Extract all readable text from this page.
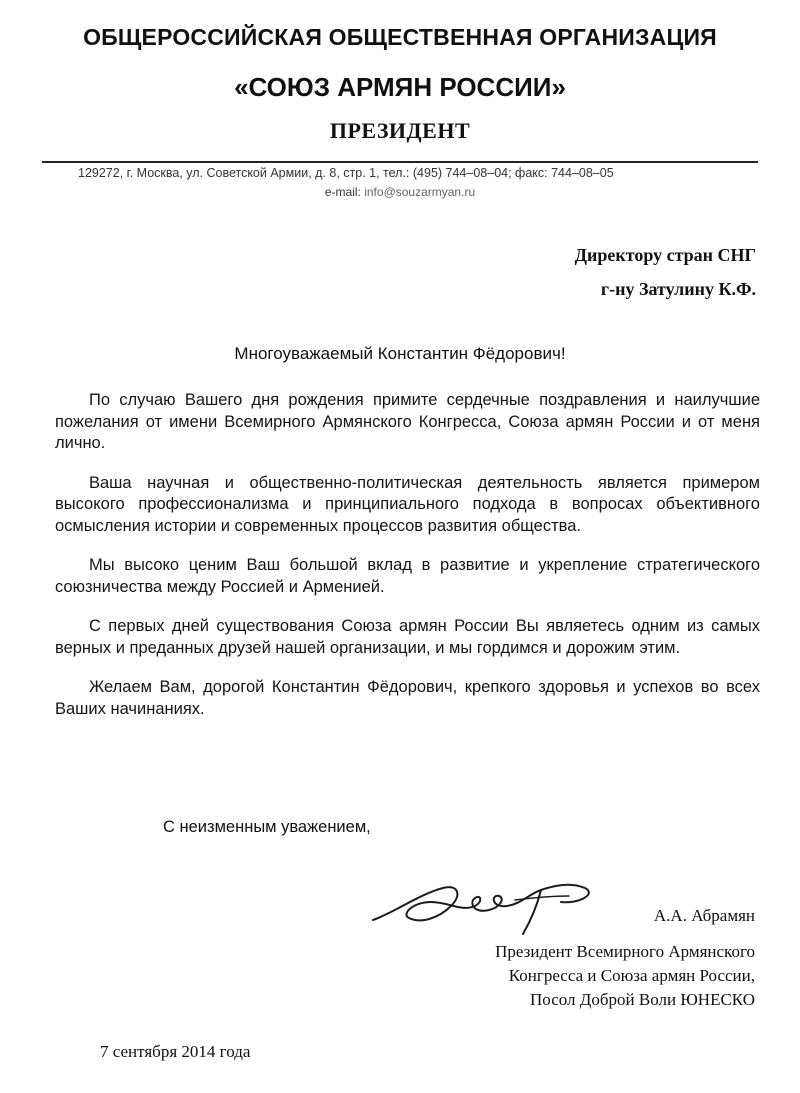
ОБЩЕРОССИЙСКАЯ ОБЩЕСТВЕННАЯ ОРГАНИЗАЦИЯ
«СОЮЗ АРМЯН РОССИИ»
ПРЕЗИДЕНТ
129272, г. Москва, ул. Советской Армии, д. 8, стр. 1, тел.: (495) 744–08–04; факс: 744–08–05
e-mail: info@souzarmyan.ru
Директору стран СНГ
г-ну Затулину К.Ф.
Многоуважаемый Константин Фёдорович!

По случаю Вашего дня рождения примите сердечные поздравления и наилучшие пожелания от имени Всемирного Армянского Конгресса, Союза армян России и от меня лично.

Ваша научная и общественно-политическая деятельность является примером высокого профессионализма и принципиального подхода в вопросах объективного осмысления истории и современных процессов развития общества.

Мы высоко ценим Ваш большой вклад в развитие и укрепление стратегического союзничества между Россией и Арменией.

С первых дней существования Союза армян России Вы являетесь одним из самых верных и преданных друзей нашей организации, и мы гордимся и дорожим этим.

Желаем Вам, дорогой Константин Фёдорович, крепкого здоровья и успехов во всех Ваших начинаниях.

С неизменным уважением,
А.А. Абрамян
Президент Всемирного Армянского
Конгресса и Союза армян России,
Посол Доброй Воли ЮНЕСКО
7 сентября 2014 года
